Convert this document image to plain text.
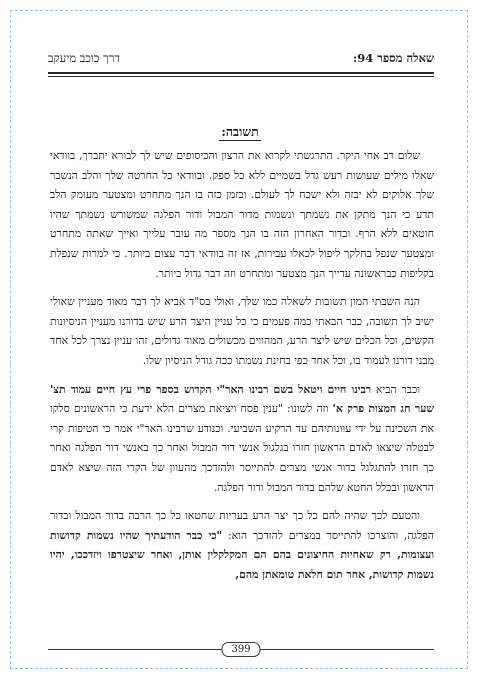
שאלה מספר 94:
דרך כוכב מיעקב
תשובה:

שלום רב אחי היקר. התרגשתי לקרוא את הרצון והכיסופים שיש לך לבורא יתברך, בוודאי שאלו מילים שעושות רעש גדל בשמיים ללא כל ספק. ובוודאי כל החרטה שלך והלב הנשבר שלך אלוקים לא יבזה ולא ישכח לך לעולם. ובזמן כזה בו הנך מתחרט ומצטער מעומק הלב תדע כי הנך מתקן את נשמתך ונשמות מדור המבול ודור הפלגה שמשורש נשמתך שהיו חוטאים ללא הרף. ובדור האחרון הזה בו הנך מספר מה עובר עלייך ואייך שאתה מתחרט ומצטער שנפל בחלקך ליפול לכאלו עבירות, אז זה בוודאי דבר עצום ביותר. כי למרות שנפלת בקליפות כבראשונה עדייך הנך מצטער ומתחרט וזה דבר גדול ביותר.

הנה השבתי המון תשובות לשאלה כמו שלך, ואולי בס"ד אביא לך דבר מאוד מעניין שאולי ישיב לך תשובה, כבר הבאתי כמה פעמים כי כל עניין היצר הרע שיש בדורנו מעניין הניסיונות הקשים, וכל הכלים שיש ליצר הרע, המהווים מכשולים מאוד גדולים, זהו עניין נצרך לכל אחד מבני דורנו לעמוד בו, וכל אחד כפי בחינת נשמתו ככה גודל הניסיון שלו.

וכבר הביא רבינו חיים ויטאל בשם רבינו האר"י הקדוש בספר פרי עץ חיים עמוד תצ' שער חג המצות פרק א' וזה לשונו: "ענין פסח ויציאת מצרים הלא ידעת כי הראשונים סלקו את השכינה על ידי עוונותיהם עד הרקיע השביעי. וכנודע שרבינו האר"י אמר כי הטיפות קרי לבטלה שיצאו לאדם הראשון חזרו בגלגול אנשי דור המבול ואחר כך באנשי דור הפלגה ואחר כך חזרו להתגלגל בדור אנשי מצרים להתייסר ולהזדכך מהעוון של הקרי הזה שיצא לאדם הראשון ובכלל החטא שלהם בדור המבול ודור הפלגה.

והטעם לכך שהיה להם כל כך יצר הרע בעריות שחטאו כל כך הרבה בדור המבול ובדור הפלגה, והוצרכו להתייסר במצרים להזדכך הוא: "כי כבר הודעתיך שהיו נשמות קדושות ועצומות, רק שאחיות החיצונים בהם הם המקלקלין אותן, ואחר שיצטרפו ויזדככו, יהיו נשמות קדושות, אחר תום חלאת טומאתן מהם,

399
